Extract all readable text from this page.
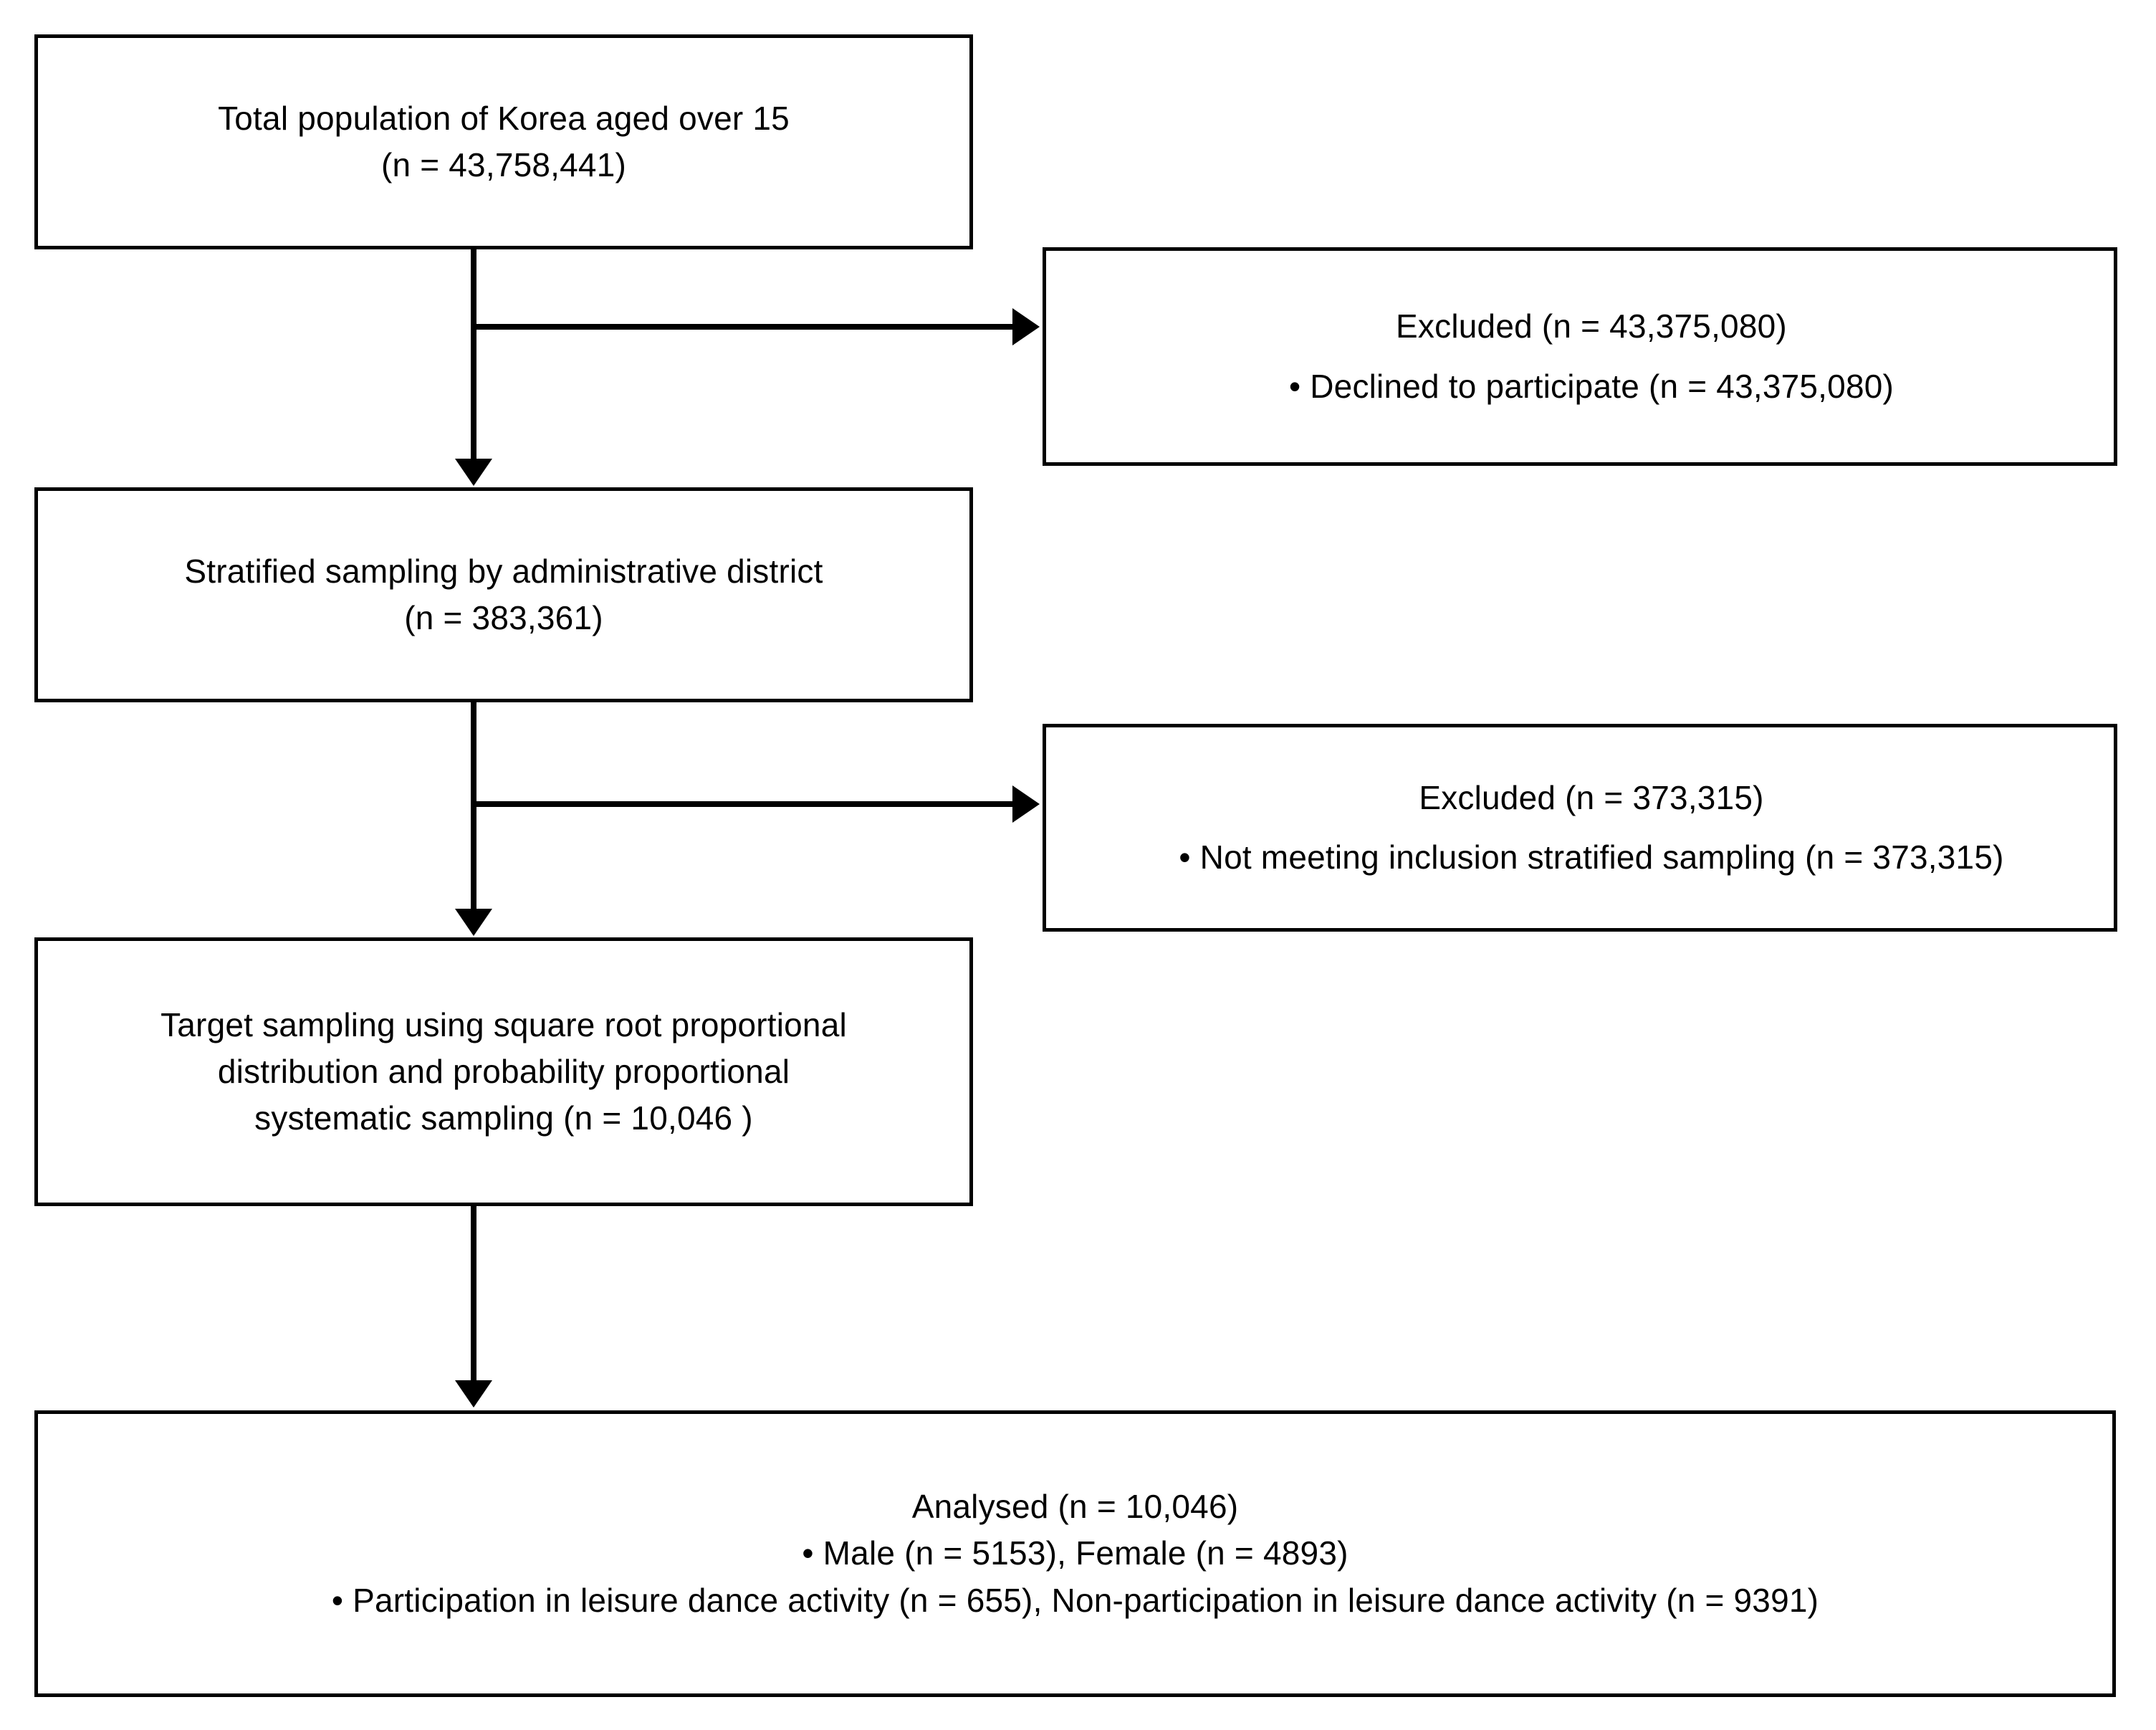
Total population of Korea aged over 15
(n = 43,758,441)
Excluded (n = 43,375,080)
• Declined to participate (n = 43,375,080)
Stratified sampling by administrative district
(n = 383,361)
Excluded (n = 373,315)
• Not meeting inclusion stratified sampling (n = 373,315)
Target sampling using square root proportional
distribution and probability proportional
systematic sampling (n = 10,046 )
Analysed (n = 10,046)
• Male (n = 5153), Female (n = 4893)
• Participation in leisure dance activity (n = 655), Non-participation in leisure dance activity (n = 9391)
